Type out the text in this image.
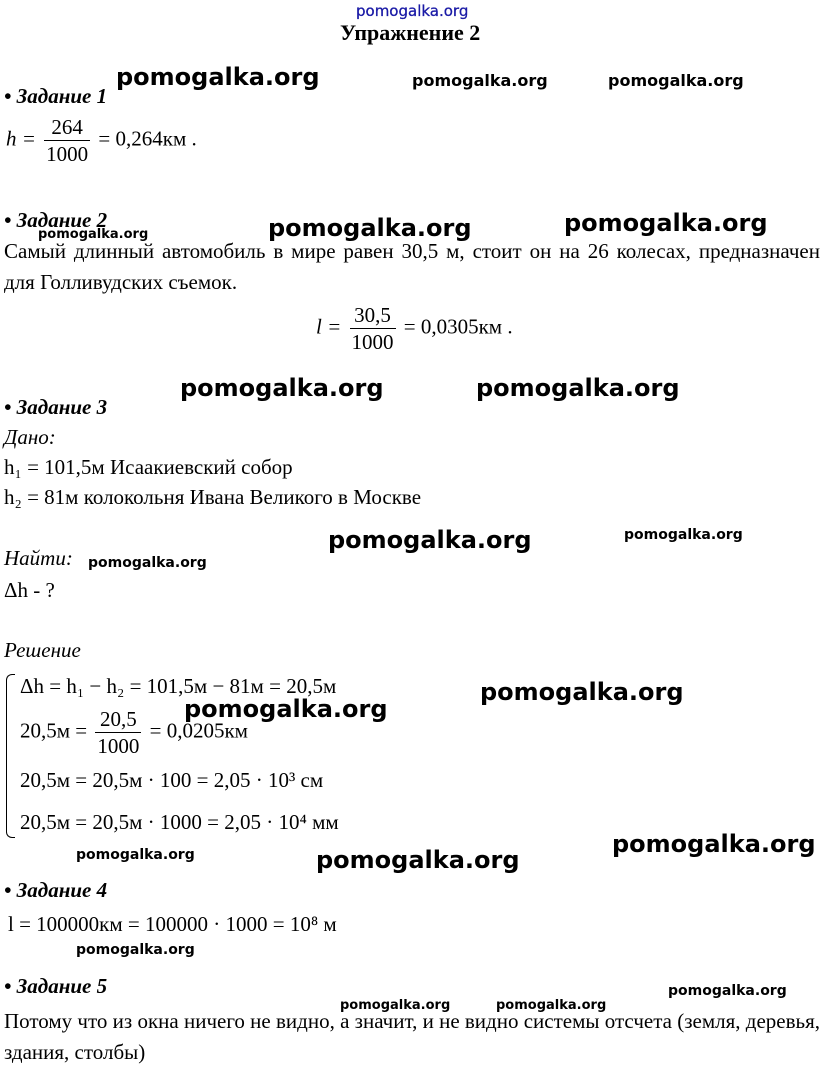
pomogalka.org
Упражнение 2
pomogalka.org	pomogalka.org	pomogalka.org
pomogalka.org	pomogalka.org	pomogalka.org
pomogalka.org	pomogalka.org
pomogalka.org	pomogalka.org
pomogalka.org
pomogalka.org
pomogalka.org
pomogalka.org	pomogalka.org
pomogalka.org
pomogalka.org
pomogalka.org	pomogalka.org
pomogalka.org
• Задание 1
$h = \frac{264}{1000} = 0,264км$ .
• Задание 2
Самый длинный автомобиль в мире равен 30,5 м, стоит он на 26 колесах, предназначен для Голливудских съемок.
$l = \frac{30,5}{1000} = 0,0305км$ .
• Задание 3
Дано:
h₁ = 101,5м Исаакиевский собор
h₂ = 81м колокольня Ивана Великого в Москве
Найти:
Δh - ?
Решение
Δh = h₁ − h₂ = 101,5м − 81м = 20,5м
$20,5м = \frac{20,5}{1000} = 0,0205км$
20,5м = 20,5м · 100 = 2,05 · 10³ см
20,5м = 20,5м · 1000 = 2,05 · 10⁴ мм
• Задание 4
l = 100000км = 100000 · 1000 = 10⁸ м
• Задание 5
Потому что из окна ничего не видно, а значит, и не видно системы отсчета (земля, деревья, здания, столбы)
